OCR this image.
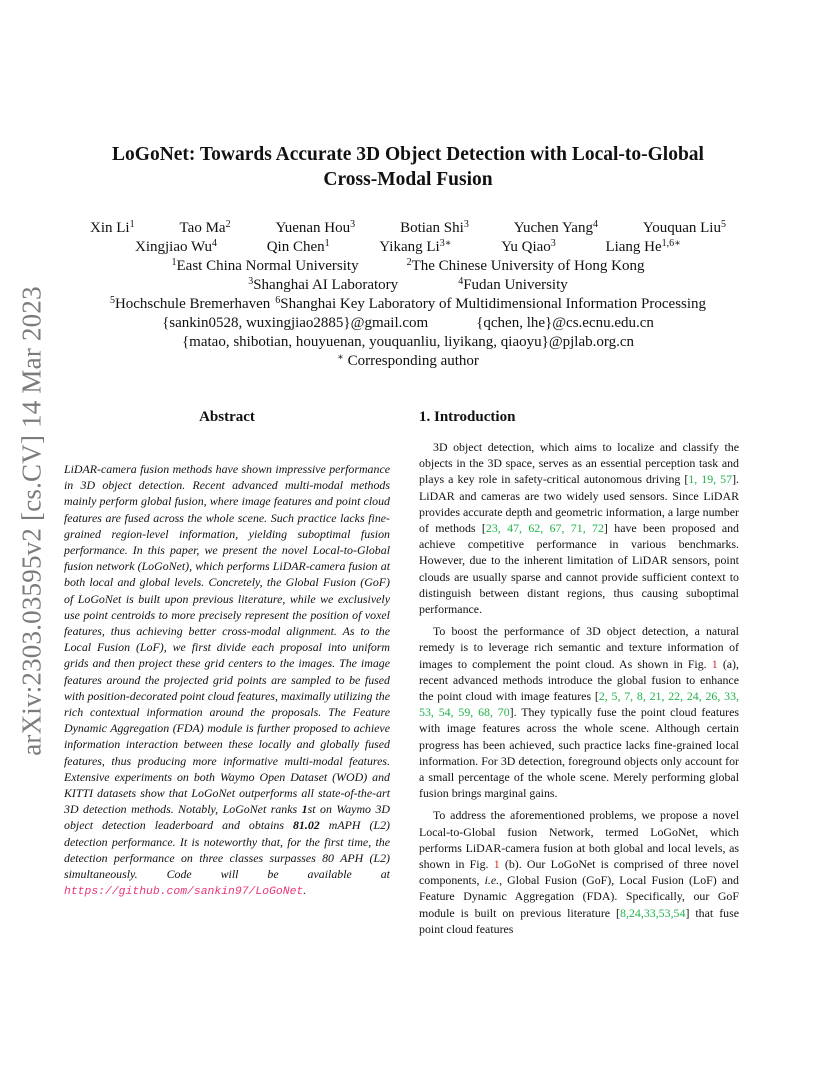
arXiv:2303.03595v2 [cs.CV] 14 Mar 2023
LoGoNet: Towards Accurate 3D Object Detection with Local-to-Global
Cross-Modal Fusion
Xin Li$^1$	Tao Ma$^2$	Yuenan Hou$^3$	Botian Shi$^3$	Yuchen Yang$^4$	Youquan Liu$^5$
Xingjiao Wu$^4$	Qin Chen$^1$	Yikang $Li^{3∗}$	Yu Qiao$^3$	Liang $He^{1,6∗}$
$^1$East China Normal University	$^2$The Chinese University of Hong Kong
$^3$Shanghai AI Laboratory	$^4$Fudan University
$^5$Hochschule Bremerhaven $^6$Shanghai Key Laboratory of Multidimensional Information Processing
{sankin0528, wuxingjiao2885}@gmail.com	{qchen, lhe}@cs.ecnu.edu.cn
{matao, shibotian, houyuenan, youquanliu, liyikang, qiaoyu}@pjlab.org.cn
∗ Corresponding author
Abstract

LiDAR-camera fusion methods have shown impressive performance in 3D object detection. Recent advanced multi-modal methods mainly perform global fusion, where image features and point cloud features are fused across the whole scene. Such practice lacks fine-grained region-level information, yielding suboptimal fusion performance. In this paper, we present the novel Local-to-Global fusion network (LoGoNet), which performs LiDAR-camera fusion at both local and global levels. Concretely, the Global Fusion (GoF) of LoGoNet is built upon previous literature, while we exclusively use point centroids to more precisely represent the position of voxel features, thus achieving better cross-modal alignment. As to the Local Fusion (LoF), we first divide each proposal into uniform grids and then project these grid centers to the images. The image features around the projected grid points are sampled to be fused with position-decorated point cloud features, maximally utilizing the rich contextual information around the proposals. The Feature Dynamic Aggregation (FDA) module is further proposed to achieve information interaction between these locally and globally fused features, thus producing more informative multi-modal features. Extensive experiments on both Waymo Open Dataset (WOD) and KITTI datasets show that LoGoNet outperforms all state-of-the-art 3D detection methods. Notably, LoGoNet ranks 1st on Waymo 3D object detection leaderboard and obtains 81.02 mAPH (L2) detection performance. It is noteworthy that, for the first time, the detection performance on three classes surpasses 80 APH (L2) simultaneously. Code will be available at https://github.com/sankin97/LoGoNet.

1. Introduction

3D object detection, which aims to localize and classify the objects in the 3D space, serves as an essential perception task and plays a key role in safety-critical autonomous driving [1, 19, 57]. LiDAR and cameras are two widely used sensors. Since LiDAR provides accurate depth and geometric information, a large number of methods [23, 47, 62, 67, 71, 72] have been proposed and achieve competitive performance in various benchmarks. However, due to the inherent limitation of LiDAR sensors, point clouds are usually sparse and cannot provide sufficient context to distinguish between distant regions, thus causing suboptimal performance.

To boost the performance of 3D object detection, a natural remedy is to leverage rich semantic and texture information of images to complement the point cloud. As shown in Fig. 1 (a), recent advanced methods introduce the global fusion to enhance the point cloud with image features [2, 5, 7, 8, 21, 22, 24, 26, 33, 53, 54, 59, 68, 70]. They typically fuse the point cloud features with image features across the whole scene. Although certain progress has been achieved, such practice lacks fine-grained local information. For 3D detection, foreground objects only account for a small percentage of the whole scene. Merely performing global fusion brings marginal gains.

To address the aforementioned problems, we propose a novel Local-to-Global fusion Network, termed LoGoNet, which performs LiDAR-camera fusion at both global and local levels, as shown in Fig. 1 (b). Our LoGoNet is comprised of three novel components, i.e., Global Fusion (GoF), Local Fusion (LoF) and Feature Dynamic Aggregation (FDA). Specifically, our GoF module is built on previous literature [8,24,33,53,54] that fuse point cloud features
